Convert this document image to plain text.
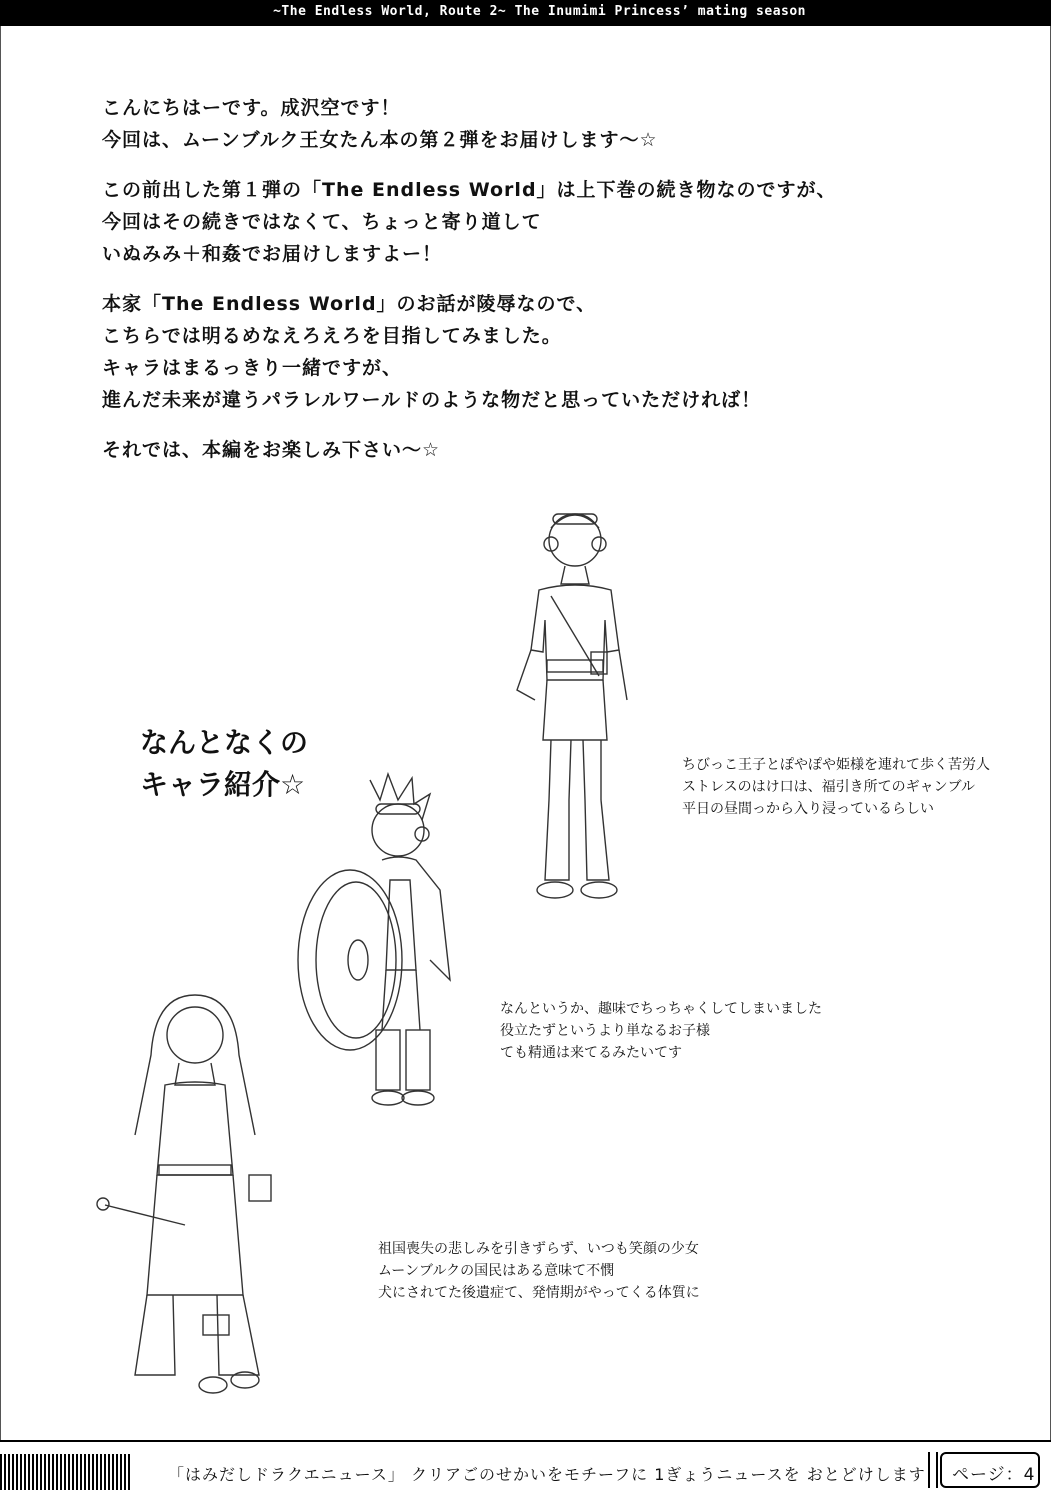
~The Endless World, Route 2~ The Inumimi Princess’ mating season

こんにちはーです。成沢空です！
今回は、ムーンブルク王女たん本の第２弾をお届けします～☆

この前出した第１弾の「The Endless World」は上下巻の続き物なのですが、
今回はその続きではなくて、ちょっと寄り道して
いぬみみ＋和姦でお届けしますよー！

本家「The Endless World」のお話が陵辱なので、
こちらでは明るめなえろえろを目指してみました。
キャラはまるっきり一緒ですが、
進んだ未来が違うパラレルワールドのような物だと思っていただければ！

それでは、本編をお楽しみ下さい～☆

なんとなくの
キャラ紹介☆
ちびっこ王子とぽやぽや姫様を連れて歩く苦労人
ストレスのはけ口は、福引き所てのギャンブル
平日の昼間っから入り浸っているらしい
なんというか、趣味でちっちゃくしてしまいました
役立たずというより単なるお子様
ても精通は来てるみたいてす
祖国喪失の悲しみを引きずらず、いつも笑顔の少女
ムーンブルクの国民はある意味て不憫
犬にされてた後遺症て、発情期がやってくる体質に
「はみだしドラクエニュース」 クリアごのせかいをモチーフに 1ぎょうニュースを おとどけします ページ：4
